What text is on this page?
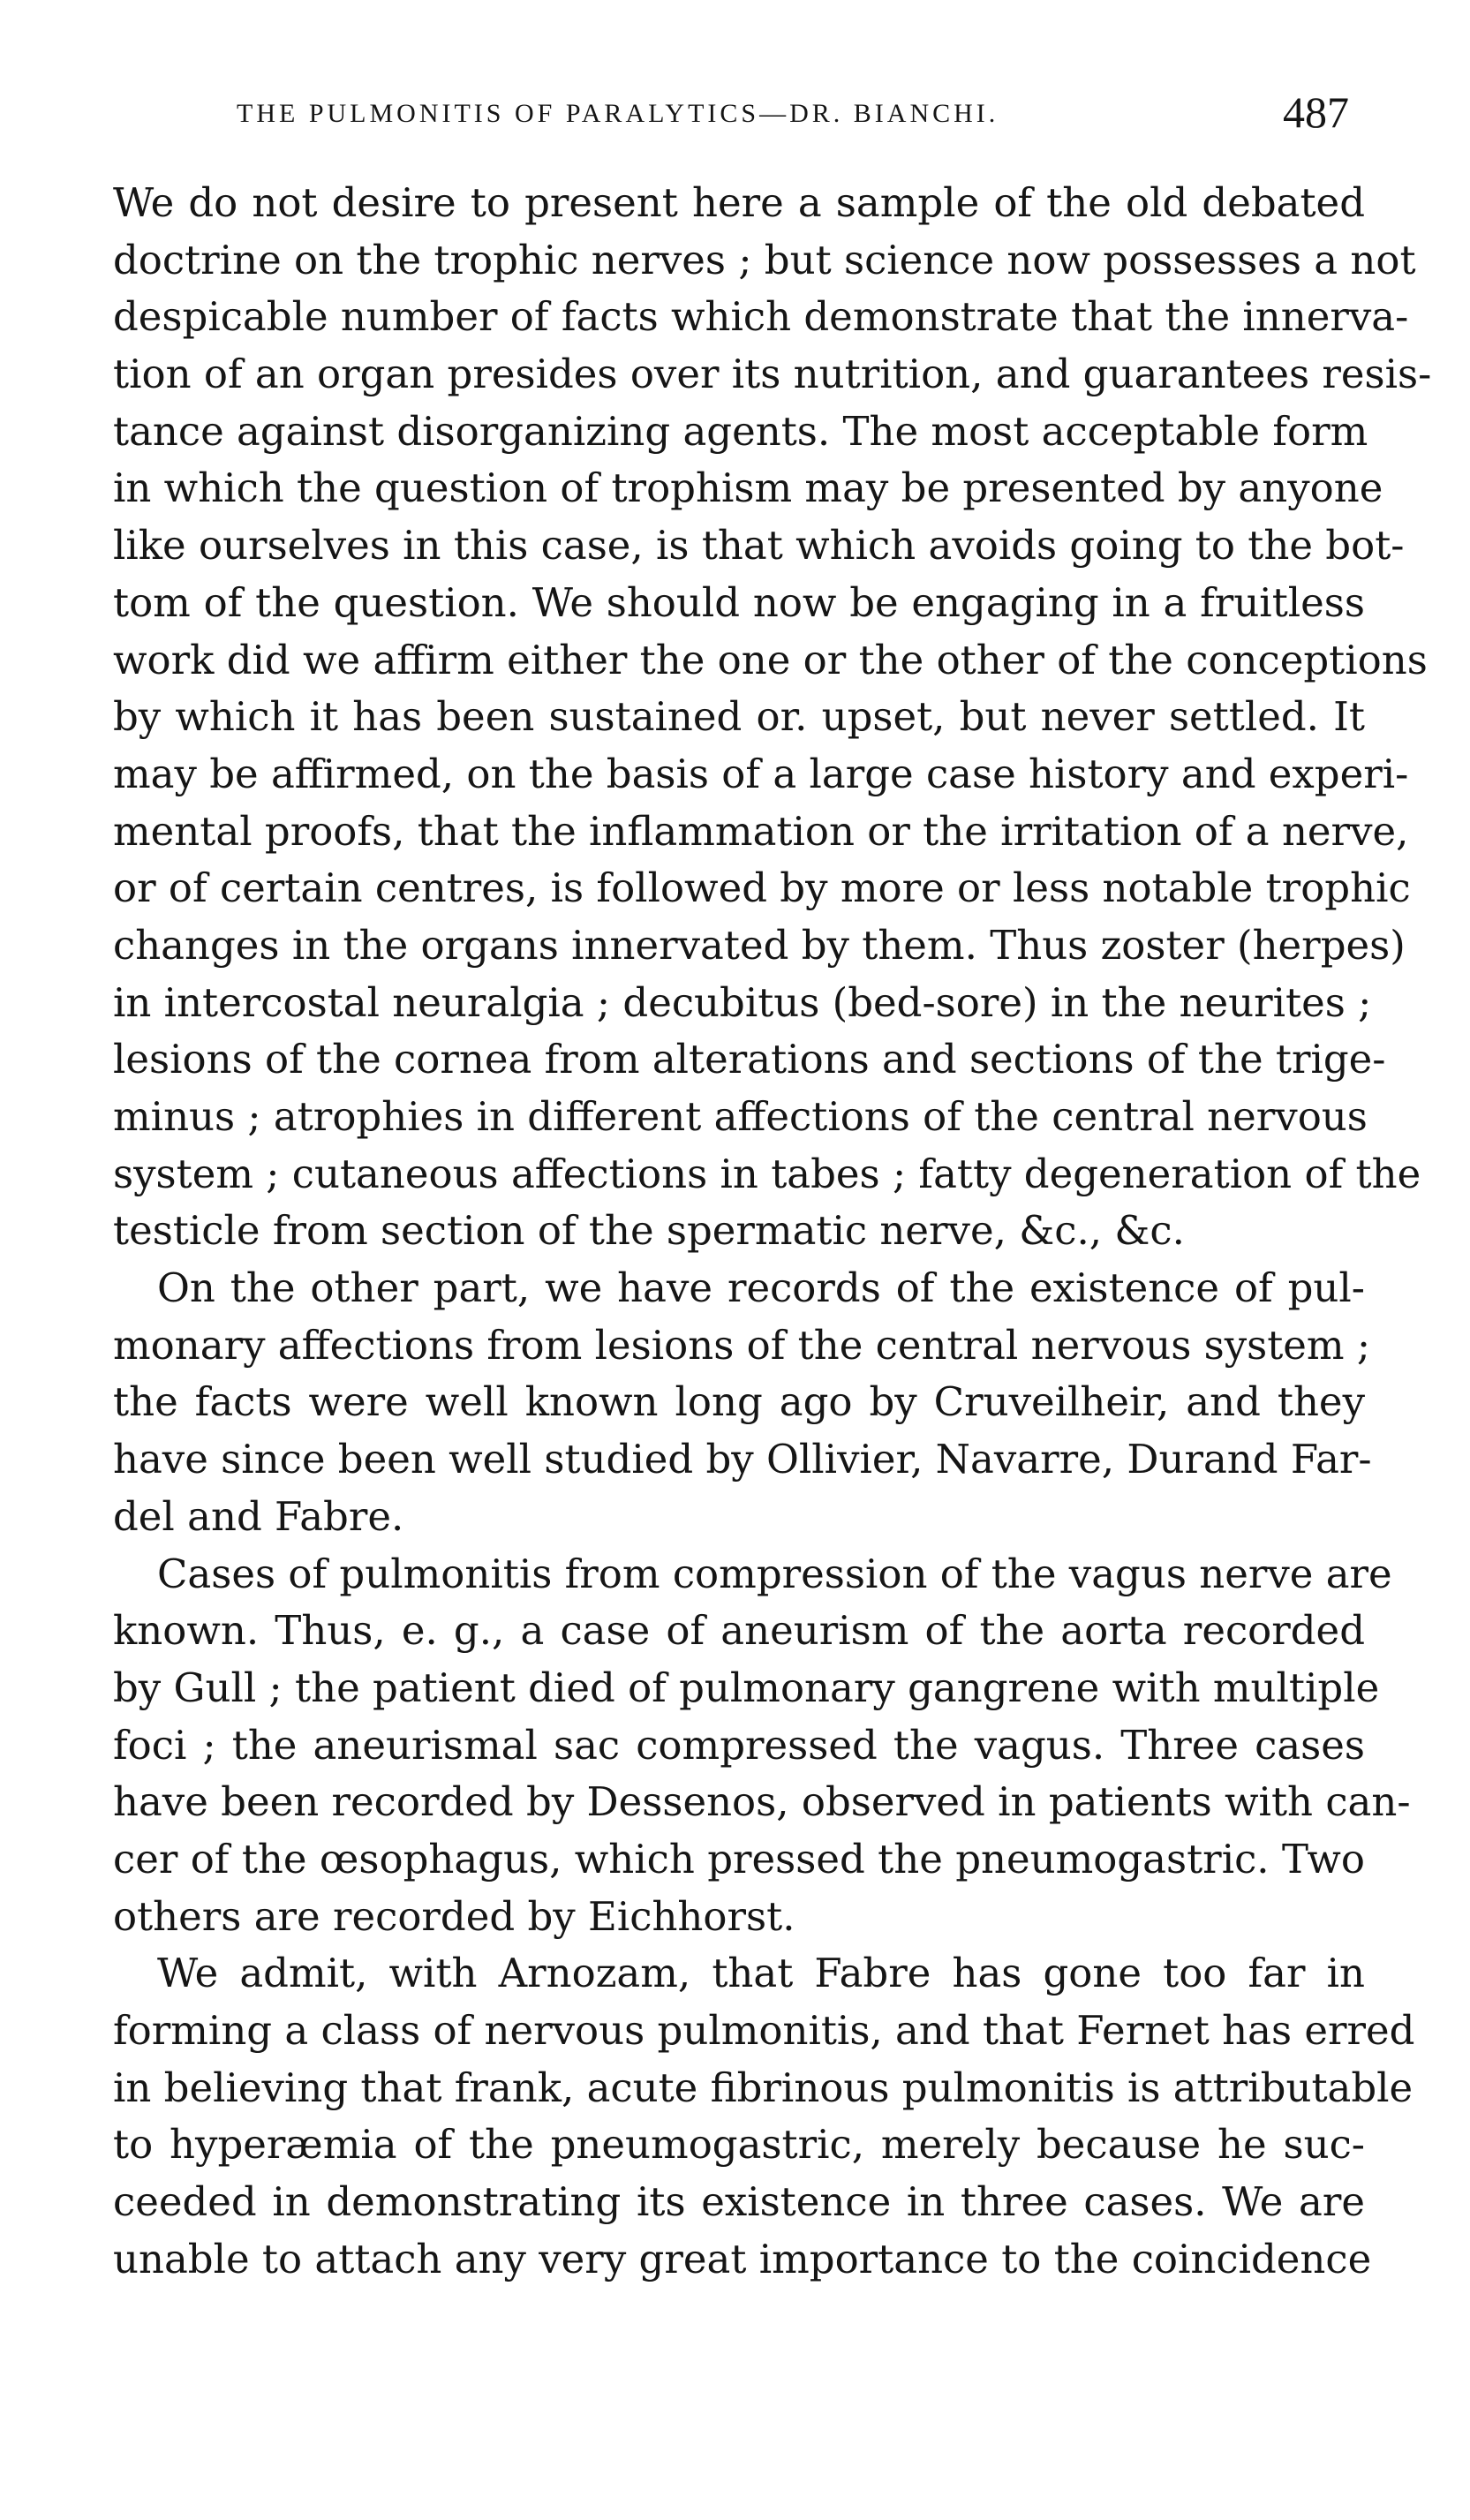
THE PULMONITIS OF PARALYTICS—DR. BIANCHI.	487
We do not desire to present here a sample of the old debated
doctrine on the trophic nerves ; but science now possesses a not
despicable number of facts which demonstrate that the innerva-
tion of an organ presides over its nutrition, and guarantees resis-
tance against disorganizing agents. The most acceptable form
in which the question of trophism may be presented by anyone
like ourselves in this case, is that which avoids going to the bot-
tom of the question. We should now be engaging in a fruitless
work did we affirm either the one or the other of the conceptions
by which it has been sustained or. upset, but never settled. It
may be affirmed, on the basis of a large case history and experi-
mental proofs, that the inflammation or the irritation of a nerve,
or of certain centres, is followed by more or less notable trophic
changes in the organs innervated by them. Thus zoster (herpes)
in intercostal neuralgia ; decubitus (bed-sore) in the neurites ;
lesions of the cornea from alterations and sections of the trige-
minus ; atrophies in different affections of the central nervous
system ; cutaneous affections in tabes ; fatty degeneration of the
testicle from section of the spermatic nerve, &c., &c.
On the other part, we have records of the existence of pul-
monary affections from lesions of the central nervous system ;
the facts were well known long ago by Cruveilheir, and they
have since been well studied by Ollivier, Navarre, Durand Far-
del and Fabre.
Cases of pulmonitis from compression of the vagus nerve are
known. Thus, e. g., a case of aneurism of the aorta recorded
by Gull ; the patient died of pulmonary gangrene with multiple
foci ; the aneurismal sac compressed the vagus. Three cases
have been recorded by Dessenos, observed in patients with can-
cer of the œsophagus, which pressed the pneumogastric. Two
others are recorded by Eichhorst.
We admit, with Arnozam, that Fabre has gone too far in
forming a class of nervous pulmonitis, and that Fernet has erred
in believing that frank, acute fibrinous pulmonitis is attributable
to hyperæmia of the pneumogastric, merely because he suc-
ceeded in demonstrating its existence in three cases. We are
unable to attach any very great importance to the coincidence
